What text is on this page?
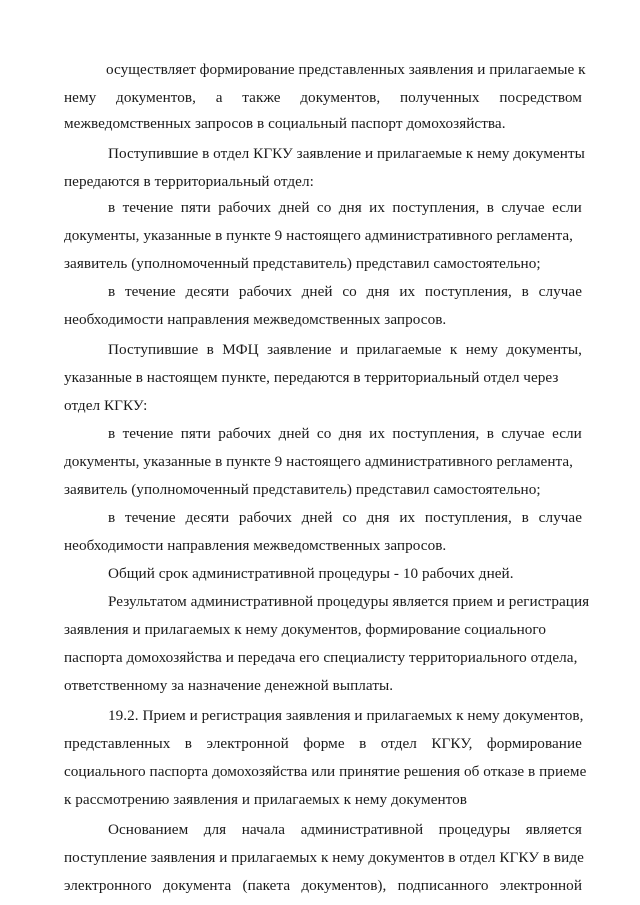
осуществляет формирование представленных заявления и прилагаемые к
нему документов, а также документов, полученных посредством
межведомственных запросов в социальный паспорт домохозяйства.
Поступившие в отдел КГКУ заявление и прилагаемые к нему документы
передаются в территориальный отдел:
в течение пяти рабочих дней со дня их поступления, в случае если
документы, указанные в пункте 9 настоящего административного регламента,
заявитель (уполномоченный представитель) представил самостоятельно;
в течение десяти рабочих дней со дня их поступления, в случае
необходимости направления межведомственных запросов.
Поступившие в МФЦ заявление и прилагаемые к нему документы,
указанные в настоящем пункте, передаются в территориальный отдел через
отдел КГКУ:
в течение пяти рабочих дней со дня их поступления, в случае если
документы, указанные в пункте 9 настоящего административного регламента,
заявитель (уполномоченный представитель) представил самостоятельно;
в течение десяти рабочих дней со дня их поступления, в случае
необходимости направления межведомственных запросов.
Общий срок административной процедуры - 10 рабочих дней.
Результатом административной процедуры является прием и регистрация
заявления и прилагаемых к нему документов, формирование социального
паспорта домохозяйства и передача его специалисту территориального отдела,
ответственному за назначение денежной выплаты.
19.2. Прием и регистрация заявления и прилагаемых к нему документов,
представленных в электронной форме в отдел КГКУ, формирование
социального паспорта домохозяйства или принятие решения об отказе в приеме
к рассмотрению заявления и прилагаемых к нему документов
Основанием для начала административной процедуры является
поступление заявления и прилагаемых к нему документов в отдел КГКУ в виде
электронного документа (пакета документов), подписанного электронной
